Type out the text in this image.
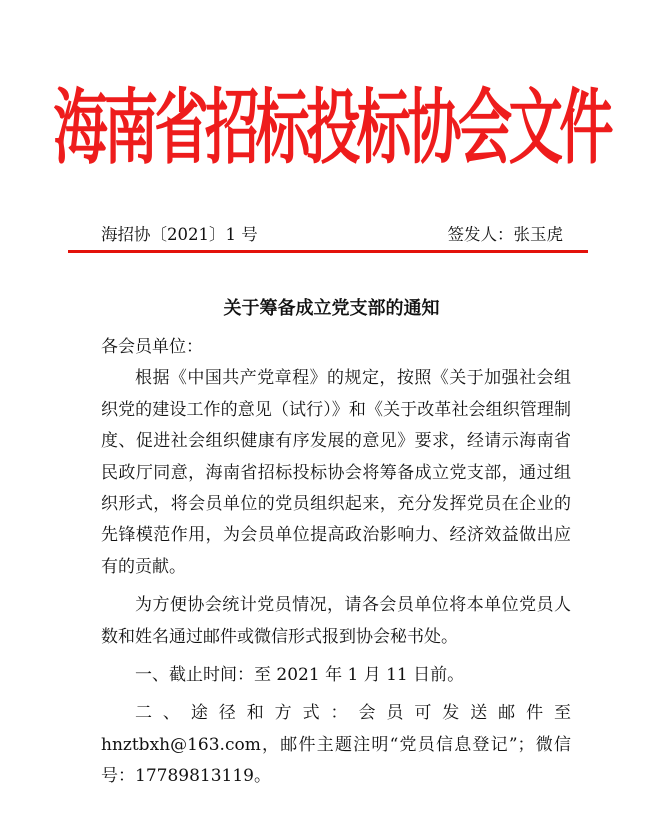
海南省招标投标协会文件
海招协〔2021〕1 号	签发人：张玉虎
关于筹备成立党支部的通知

各会员单位：

根据《中国共产党章程》的规定，按照《关于加强社会组织党的建设工作的意见（试行）》和《关于改革社会组织管理制度、促进社会组织健康有序发展的意见》要求，经请示海南省民政厅同意，海南省招标投标协会将筹备成立党支部，通过组织形式，将会员单位的党员组织起来，充分发挥党员在企业的先锋模范作用，为会员单位提高政治影响力、经济效益做出应有的贡献。

为方便协会统计党员情况，请各会员单位将本单位党员人数和姓名通过邮件或微信形式报到协会秘书处。

一、截止时间：至 2021 年 1 月 11 日前。

二、途径和方式：会员可发送邮件至 hnztbxh@163.com，邮件主题注明“党员信息登记”；微信号：17789813119。
